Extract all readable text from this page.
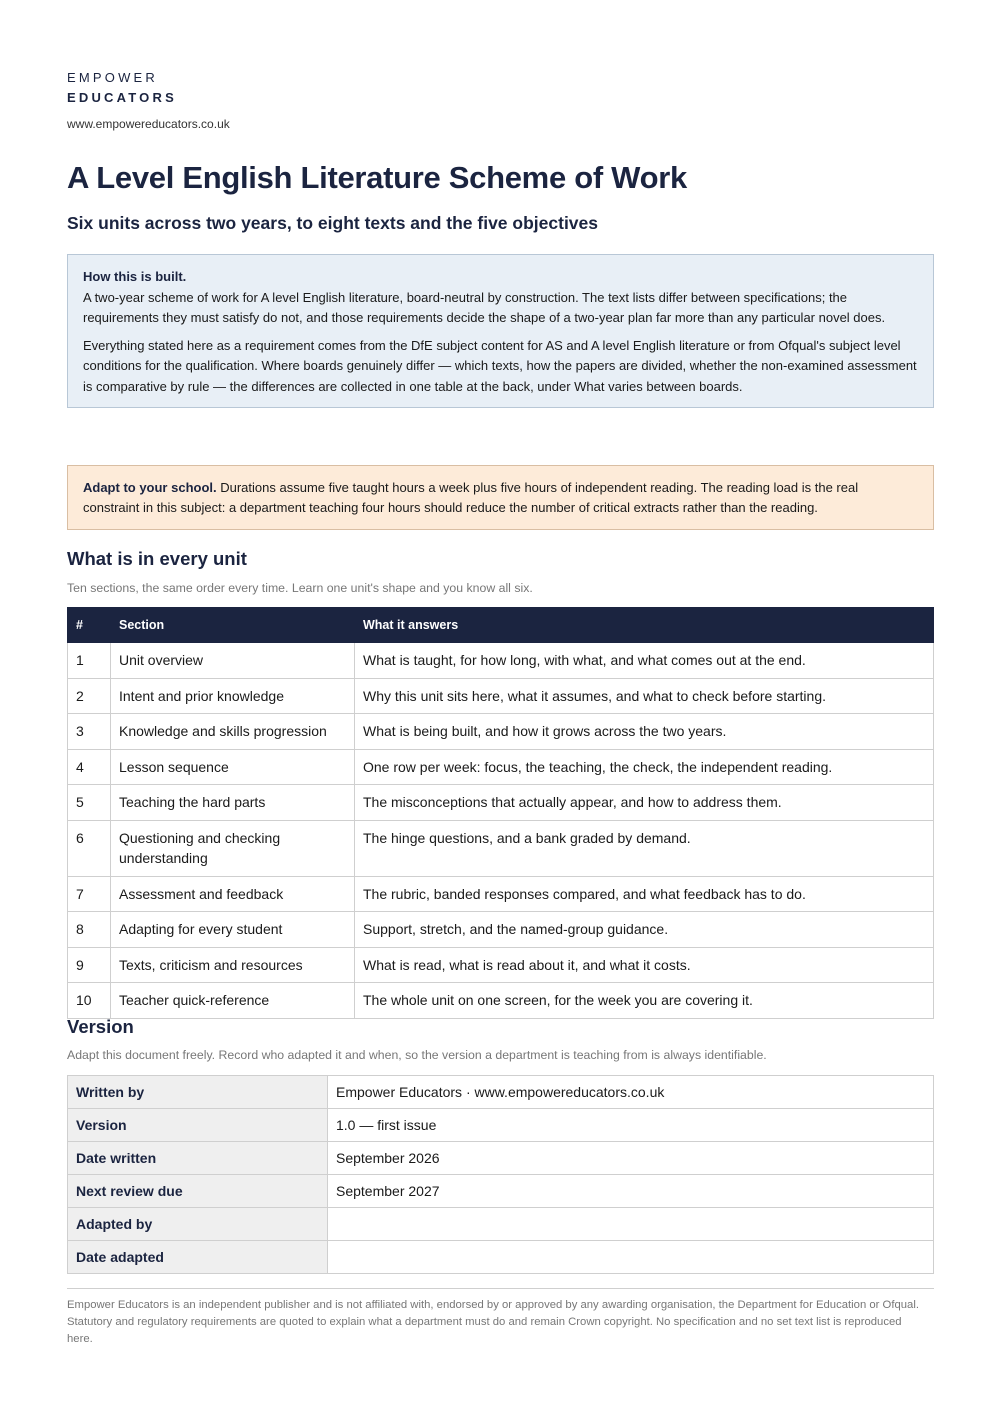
EMPOWER
EDUCATORS
www.empowereducators.co.uk
A Level English Literature Scheme of Work
Six units across two years, to eight texts and the five objectives
How this is built.

A two-year scheme of work for A level English literature, board-neutral by construction. The text lists differ between specifications; the requirements they must satisfy do not, and those requirements decide the shape of a two-year plan far more than any particular novel does.

Everything stated here as a requirement comes from the DfE subject content for AS and A level English literature or from Ofqual's subject level conditions for the qualification. Where boards genuinely differ — which texts, how the papers are divided, whether the non-examined assessment is comparative by rule — the differences are collected in one table at the back, under What varies between boards.

Adapt to your school. Durations assume five taught hours a week plus five hours of independent reading. The reading load is the real constraint in this subject: a department teaching four hours should reduce the number of critical extracts rather than the reading.
What is in every unit
Ten sections, the same order every time. Learn one unit's shape and you know all six.
#	Section	What it answers
1	Unit overview	What is taught, for how long, with what, and what comes out at the end.
2	Intent and prior knowledge	Why this unit sits here, what it assumes, and what to check before starting.
3	Knowledge and skills progression	What is being built, and how it grows across the two years.
4	Lesson sequence	One row per week: focus, the teaching, the check, the independent reading.
5	Teaching the hard parts	The misconceptions that actually appear, and how to address them.
6	Questioning and checking understanding	The hinge questions, and a bank graded by demand.
7	Assessment and feedback	The rubric, banded responses compared, and what feedback has to do.
8	Adapting for every student	Support, stretch, and the named-group guidance.
9	Texts, criticism and resources	What is read, what is read about it, and what it costs.
10	Teacher quick-reference	The whole unit on one screen, for the week you are covering it.
Version
Adapt this document freely. Record who adapted it and when, so the version a department is teaching from is always identifiable.
Written by	Empower Educators · www.empowereducators.co.uk
Version	1.0 — first issue
Date written	September 2026
Next review due	September 2027
Adapted by	
Date adapted	
Empower Educators is an independent publisher and is not affiliated with, endorsed by or approved by any awarding organisation, the Department for Education or Ofqual. Statutory and regulatory requirements are quoted to explain what a department must do and remain Crown copyright. No specification and no set text list is reproduced here.
